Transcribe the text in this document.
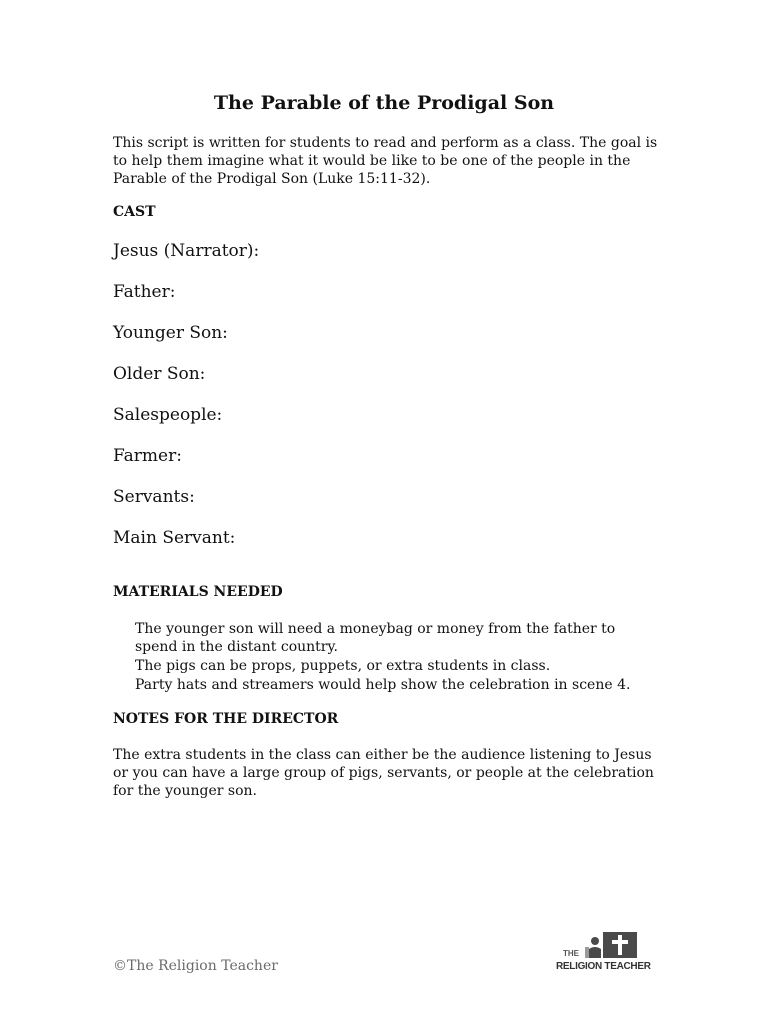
The Parable of the Prodigal Son

This script is written for students to read and perform as a class. The goal is to help them imagine what it would be like to be one of the people in the Parable of the Prodigal Son (Luke 15:11-32).

CAST
Jesus (Narrator):
Father:
Younger Son:
Older Son:
Salespeople:
Farmer:
Servants:
Main Servant:
MATERIALS NEEDED
The younger son will need a moneybag or money from the father to spend in the distant country.
The pigs can be props, puppets, or extra students in class.
Party hats and streamers would help show the celebration in scene 4.
NOTES FOR THE DIRECTOR

The extra students in the class can either be the audience listening to Jesus or you can have a large group of pigs, servants, or people at the celebration for the younger son.

©The Religion Teacher

THE
RELIGION TEACHER
